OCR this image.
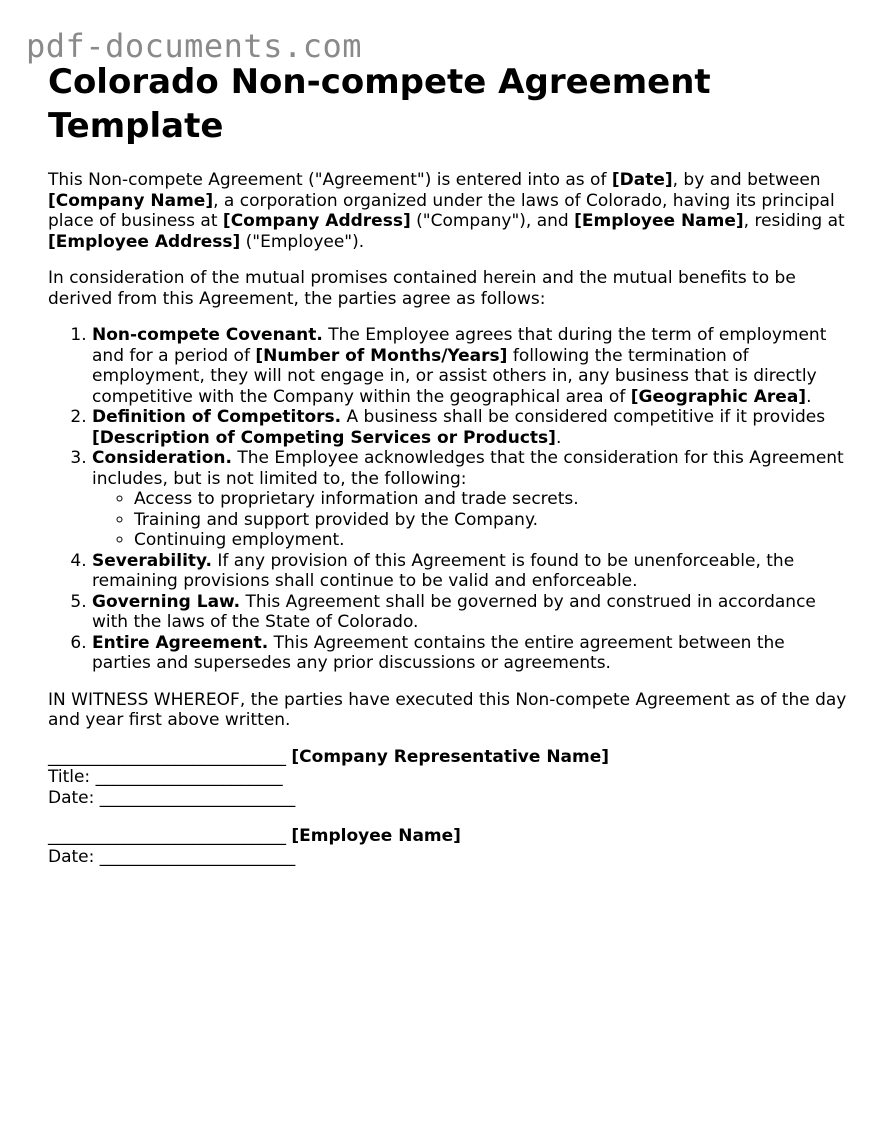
pdf-documents.com
Colorado Non-compete Agreement Template

This Non-compete Agreement ("Agreement") is entered into as of [Date], by and between [Company Name], a corporation organized under the laws of Colorado, having its principal place of business at [Company Address] ("Company"), and [Employee Name], residing at [Employee Address] ("Employee").

In consideration of the mutual promises contained herein and the mutual benefits to be derived from this Agreement, the parties agree as follows:

1. Non-compete Covenant. The Employee agrees that during the term of employment and for a period of [Number of Months/Years] following the termination of employment, they will not engage in, or assist others in, any business that is directly competitive with the Company within the geographical area of [Geographic Area].
2. Definition of Competitors. A business shall be considered competitive if it provides [Description of Competing Services or Products].
3. Consideration. The Employee acknowledges that the consideration for this Agreement includes, but is not limited to, the following:
◦ Access to proprietary information and trade secrets.
◦ Training and support provided by the Company.
◦ Continuing employment.
4. Severability. If any provision of this Agreement is found to be unenforceable, the remaining provisions shall continue to be valid and enforceable.
5. Governing Law. This Agreement shall be governed by and construed in accordance with the laws of the State of Colorado.
6. Entire Agreement. This Agreement contains the entire agreement between the parties and supersedes any prior discussions or agreements.

IN WITNESS WHEREOF, the parties have executed this Non-compete Agreement as of the day and year first above written.

____________________________ [Company Representative Name]

Title: ______________________

Date: _______________________

____________________________ [Employee Name]

Date: _______________________
